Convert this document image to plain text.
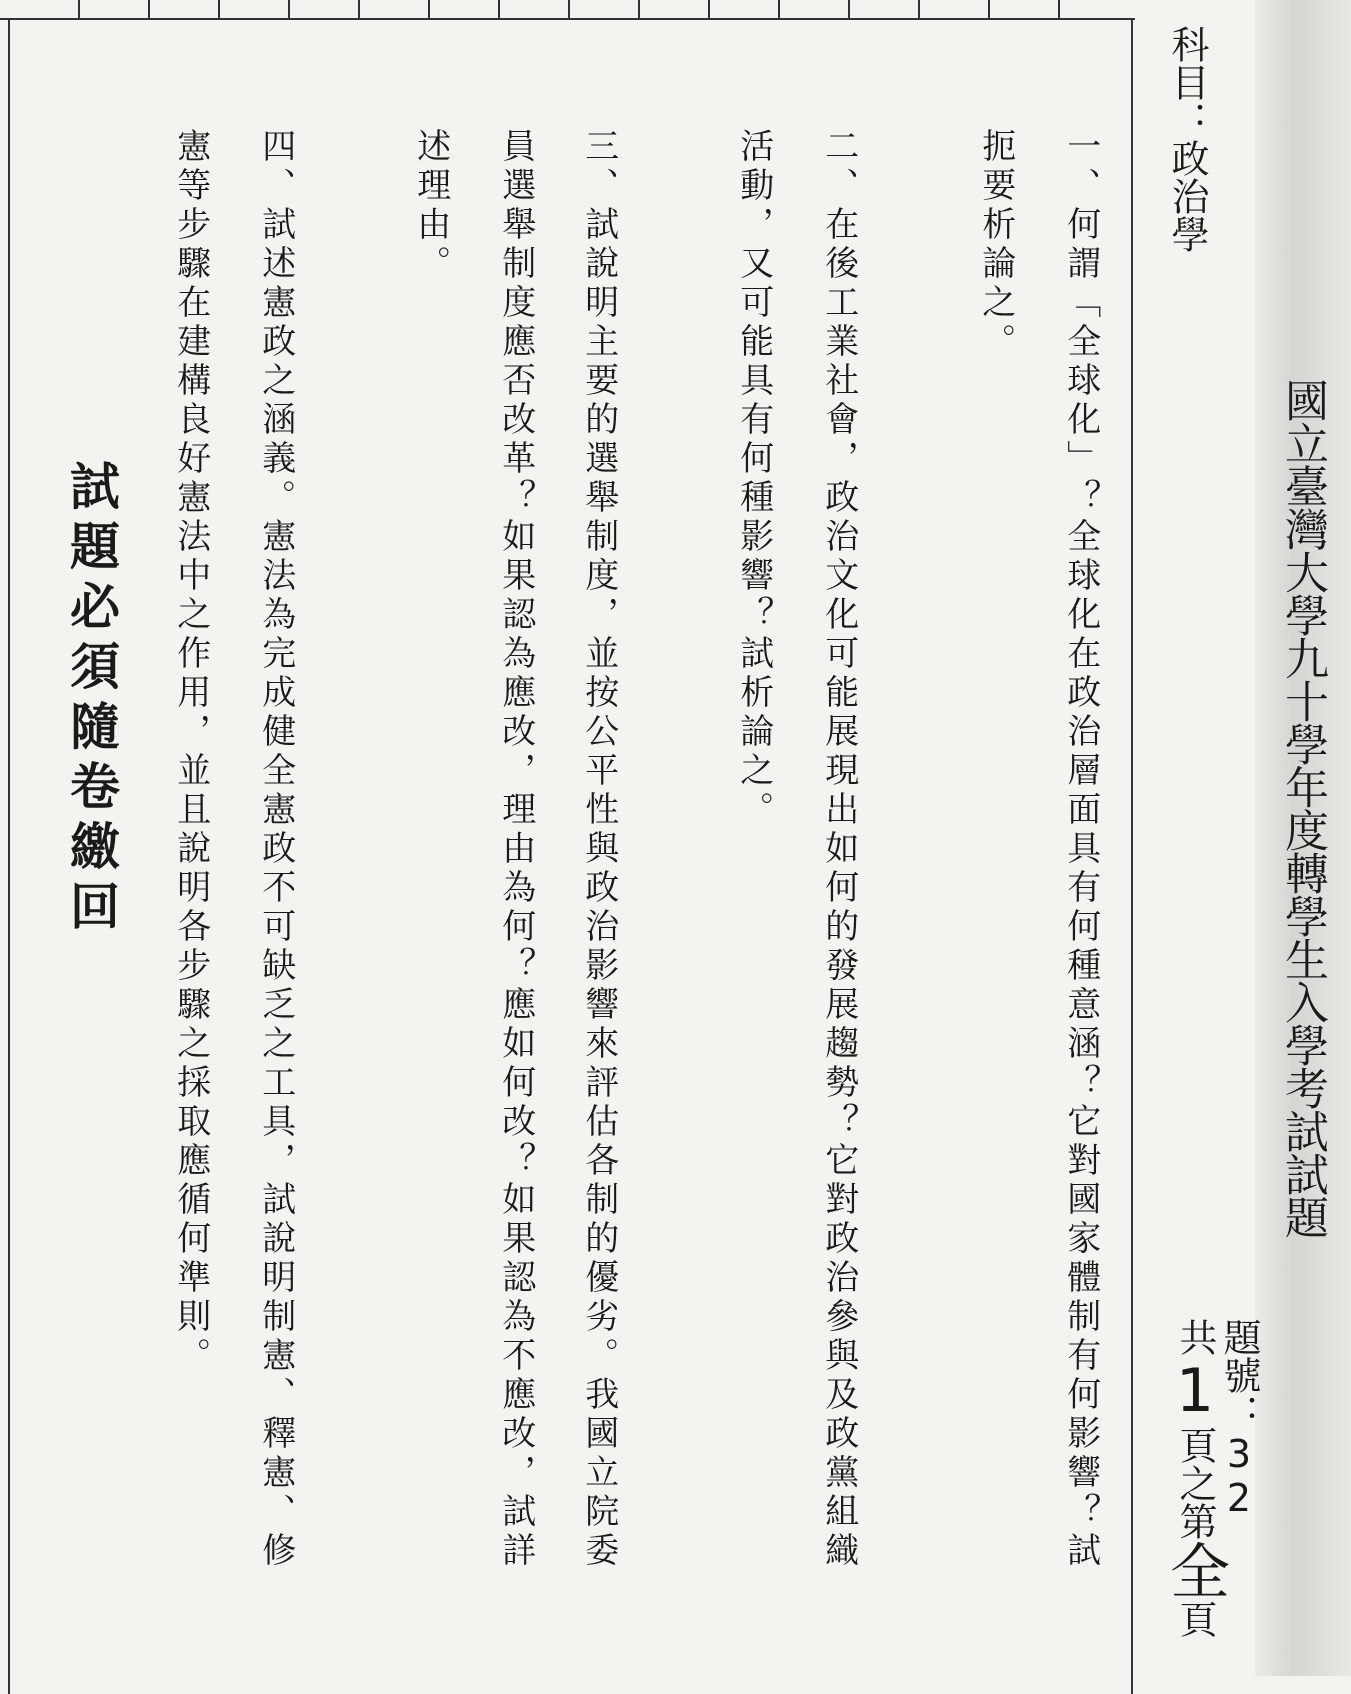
國立臺灣大學九十學年度轉學生入學考試試題
科目：政治學
題號：32
共1頁之第全頁
一、何謂「全球化」？全球化在政治層面具有何種意涵？它對國家體制有何影響？試
扼要析論之。
二、在後工業社會，政治文化可能展現出如何的發展趨勢？它對政治參與及政黨組織
活動，又可能具有何種影響？試析論之。
三、試說明主要的選舉制度，並按公平性與政治影響來評估各制的優劣。我國立院委
員選舉制度應否改革？如果認為應改，理由為何？應如何改？如果認為不應改，試詳
述理由。
四、試述憲政之涵義。憲法為完成健全憲政不可缺乏之工具，試說明制憲、釋憲、修
憲等步驟在建構良好憲法中之作用，並且說明各步驟之採取應循何準則。
試題必須隨卷繳回
